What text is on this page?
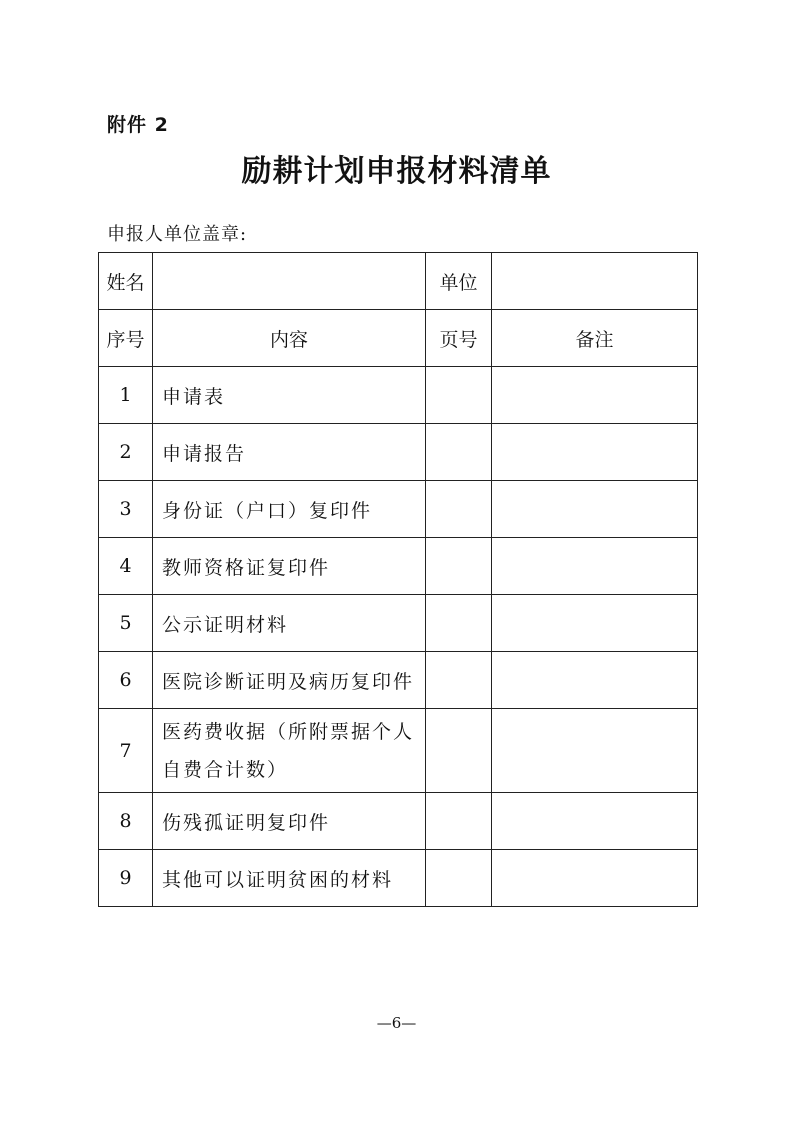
附件 2
励耕计划申报材料清单
申报人单位盖章:
姓名		单位	
序号	内容	页号	备注
1	申请表		
2	申请报告		
3	身份证（户口）复印件		
4	教师资格证复印件		
5	公示证明材料		
6	医院诊断证明及病历复印件		
7	医药费收据（所附票据个人自费合计数）		
8	伤残孤证明复印件		
9	其他可以证明贫困的材料		
—6—
